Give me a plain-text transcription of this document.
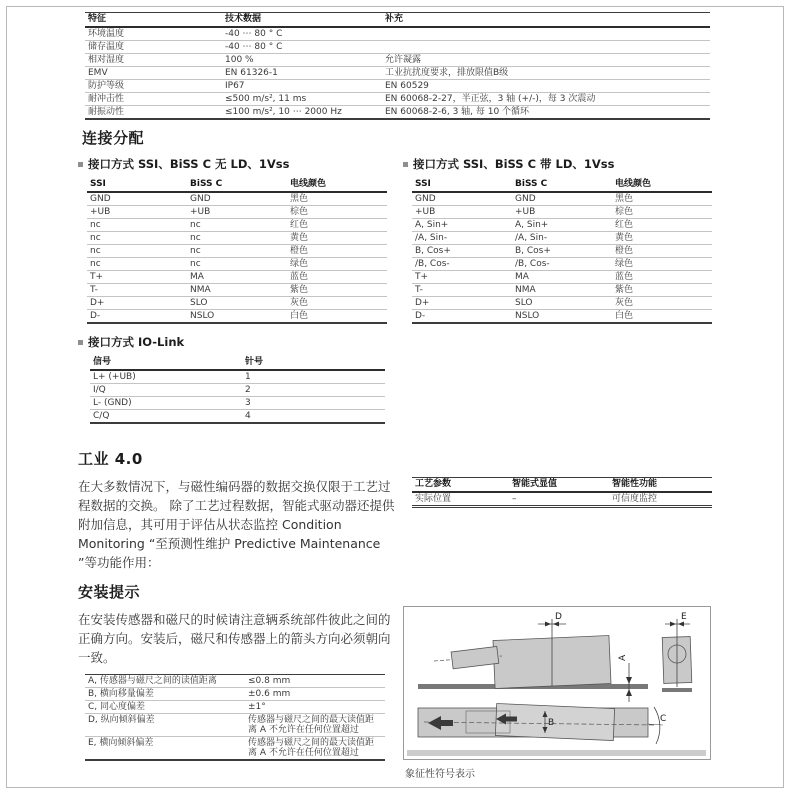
特征	技术数据	补充
环境温度	-40 ⋯ 80 ° C	
储存温度	-40 ⋯ 80 ° C	
相对湿度	100 %	允许凝露
EMV	EN 61326-1	工业抗扰度要求，排放限值B级
防护等级	IP67	EN 60529
耐冲击性	≤500 m/s², 11 ms	EN 60068-2-27，半正弦，3 轴 (+/-)，每 3 次震动
耐振动性	≤100 m/s², 10 ⋯ 2000 Hz	EN 60068-2-6, 3 轴, 每 10 个循环
连接分配
接口方式 SSI、BiSS C 无 LD、1Vss
SSI	BiSS C	电线颜色
GND	GND	黑色
+UB	+UB	棕色
nc	nc	红色
nc	nc	黄色
nc	nc	橙色
nc	nc	绿色
T+	MA	蓝色
T-	NMA	紫色
D+	SLO	灰色
D-	NSLO	白色
接口方式 SSI、BiSS C 带 LD、1Vss
SSI	BiSS C	电线颜色
GND	GND	黑色
+UB	+UB	棕色
A, Sin+	A, Sin+	红色
/A, Sin-	/A, Sin-	黄色
B, Cos+	B, Cos+	橙色
/B, Cos-	/B, Cos-	绿色
T+	MA	蓝色
T-	NMA	紫色
D+	SLO	灰色
D-	NSLO	白色
接口方式 IO-Link
信号	针号
L+ (+UB)	1
I/Q	2
L- (GND)	3
C/Q	4
工业 4.0

在大多数情况下，与磁性编码器的数据交换仅限于工艺过程数据的交换。 除了工艺过程数据，智能式驱动器还提供附加信息，其可用于评估从状态监控 Condition Monitoring “至预测性维护 Predictive Maintenance ”等功能作用：

工艺参数	智能式显值	智能性功能
实际位置	–	可信度监控
安装提示

在安装传感器和磁尺的时候请注意辆系统部件彼此之间的正确方向。安装后，磁尺和传感器上的箭头方向必须朝向一致。

A, 传感器与磁尺之间的读值距离	≤0.8 mm
B, 横向移量偏差	±0.6 mm
C, 同心度偏差	±1°
D, 纵向倾斜偏差	传感器与磁尺之间的最大读值距离 A 不允许在任何位置超过
E, 横向倾斜偏差	传感器与磁尺之间的最大读值距离 A 不允许在任何位置超过
D
A
E
B	C
象征性符号表示
